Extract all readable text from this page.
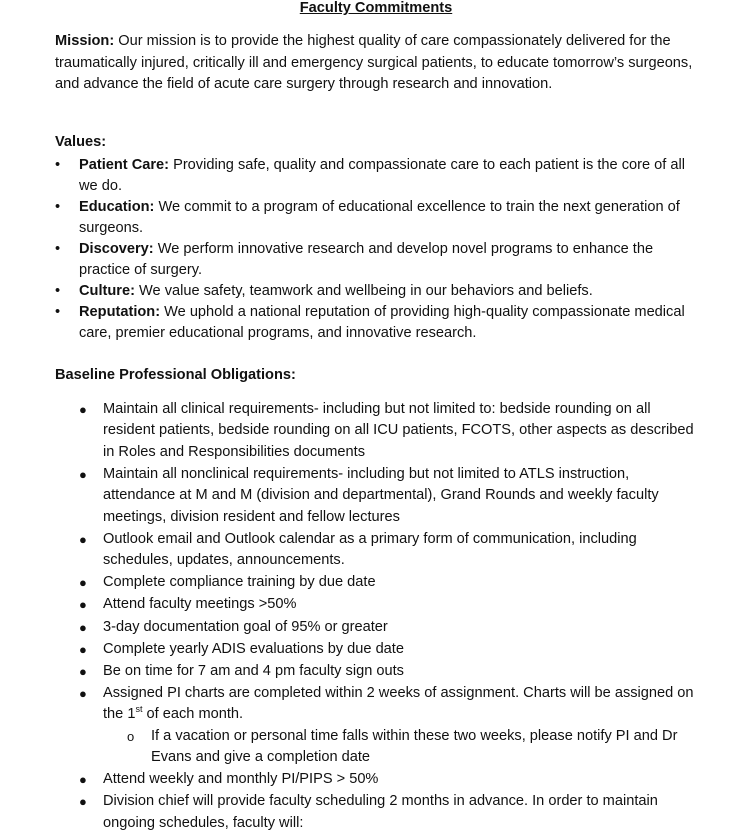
Faculty Commitments

Mission: Our mission is to provide the highest quality of care compassionately delivered for the traumatically injured, critically ill and emergency surgical patients, to educate tomorrow’s surgeons, and advance the field of acute care surgery through research and innovation.

Values:

• Patient Care: Providing safe, quality and compassionate care to each patient is the core of all we do.
• Education: We commit to a program of educational excellence to train the next generation of surgeons.
• Discovery: We perform innovative research and develop novel programs to enhance the practice of surgery.
• Culture: We value safety, teamwork and wellbeing in our behaviors and beliefs.
• Reputation: We uphold a national reputation of providing high-quality compassionate medical care, premier educational programs, and innovative research.

Baseline Professional Obligations:

● Maintain all clinical requirements- including but not limited to: bedside rounding on all resident patients, bedside rounding on all ICU patients, FCOTS, other aspects as described in Roles and Responsibilities documents
● Maintain all nonclinical requirements- including but not limited to ATLS instruction, attendance at M and M (division and departmental), Grand Rounds and weekly faculty meetings, division resident and fellow lectures
● Outlook email and Outlook calendar as a primary form of communication, including schedules, updates, announcements.
● Complete compliance training by due date
● Attend faculty meetings >50%
● 3-day documentation goal of 95% or greater
● Complete yearly ADIS evaluations by due date
● Be on time for 7 am and 4 pm faculty sign outs
● Assigned PI charts are completed within 2 weeks of assignment. Charts will be assigned on the 1st of each month.
o If a vacation or personal time falls within these two weeks, please notify PI and Dr Evans and give a completion date
● Attend weekly and monthly PI/PIPS > 50%
● Division chief will provide faculty scheduling 2 months in advance. In order to maintain ongoing schedules, faculty will:
